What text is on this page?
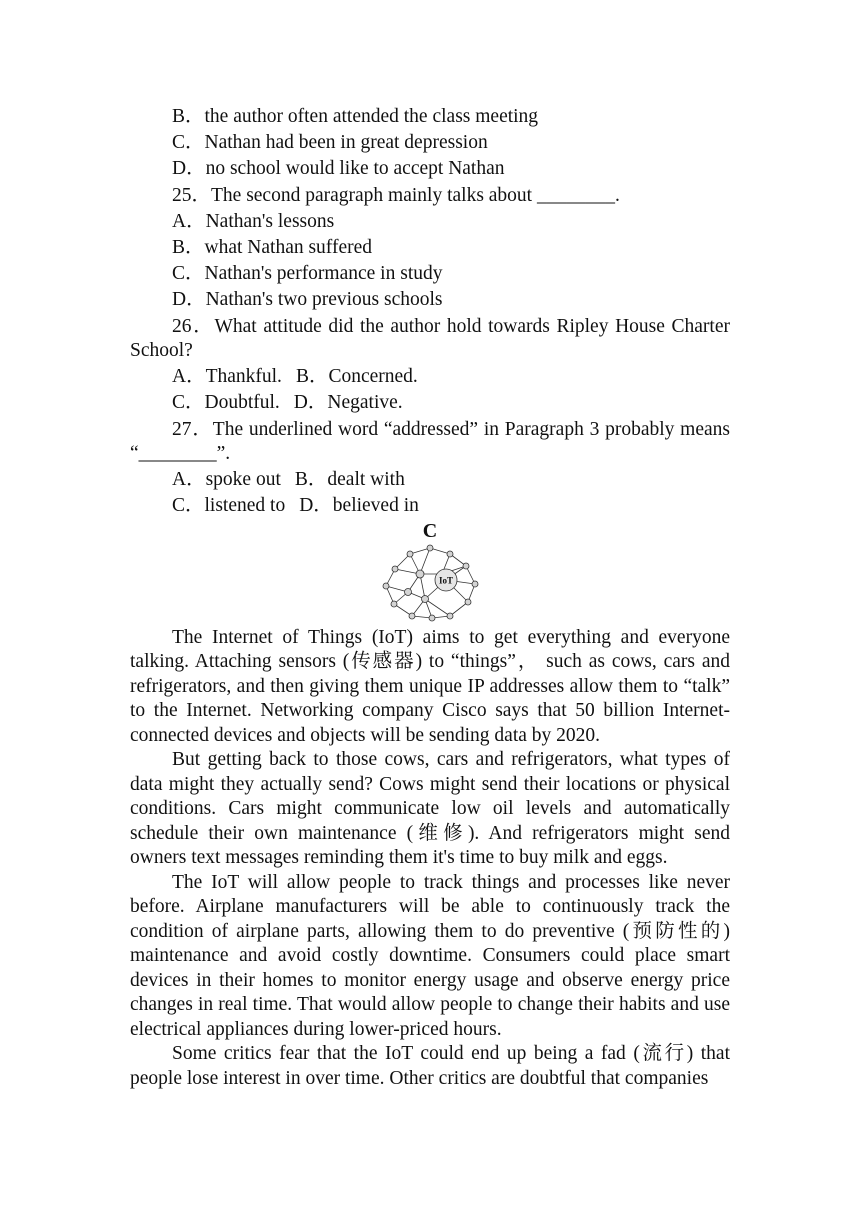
B．the author often attended the class meeting
C．Nathan had been in great depression
D．no school would like to accept Nathan
25．The second paragraph mainly talks about ________.
A．Nathan's lessons
B．what Nathan suffered
C．Nathan's performance in study
D．Nathan's two previous schools
26．What attitude did the author hold towards Ripley House Charter School?
A．Thankful. B．Concerned.
C．Doubtful. D．Negative.
27．The underlined word “addressed” in Paragraph 3 probably means “________”.
A．spoke out B．dealt with
C．listened to D．believed in
C
IoT
The Internet of Things (IoT) aims to get everything and everyone talking. Attaching sensors (传感器) to “things”， such as cows, cars and refrigerators, and then giving them unique IP addresses allow them to “talk” to the Internet. Networking company Cisco says that 50 billion Internet-connected devices and objects will be sending data by 2020.
But getting back to those cows, cars and refrigerators, what types of data might they actually send? Cows might send their locations or physical conditions. Cars might communicate low oil levels and automatically schedule their own maintenance (维修). And refrigerators might send owners text messages reminding them it's time to buy milk and eggs.
The IoT will allow people to track things and processes like never before. Airplane manufacturers will be able to continuously track the condition of airplane parts, allowing them to do preventive (预防性的) maintenance and avoid costly downtime. Consumers could place smart devices in their homes to monitor energy usage and observe energy price changes in real time. That would allow people to change their habits and use electrical appliances during lower-priced hours.
Some critics fear that the IoT could end up being a fad (流行) that people lose interest in over time. Other critics are doubtful that companies
